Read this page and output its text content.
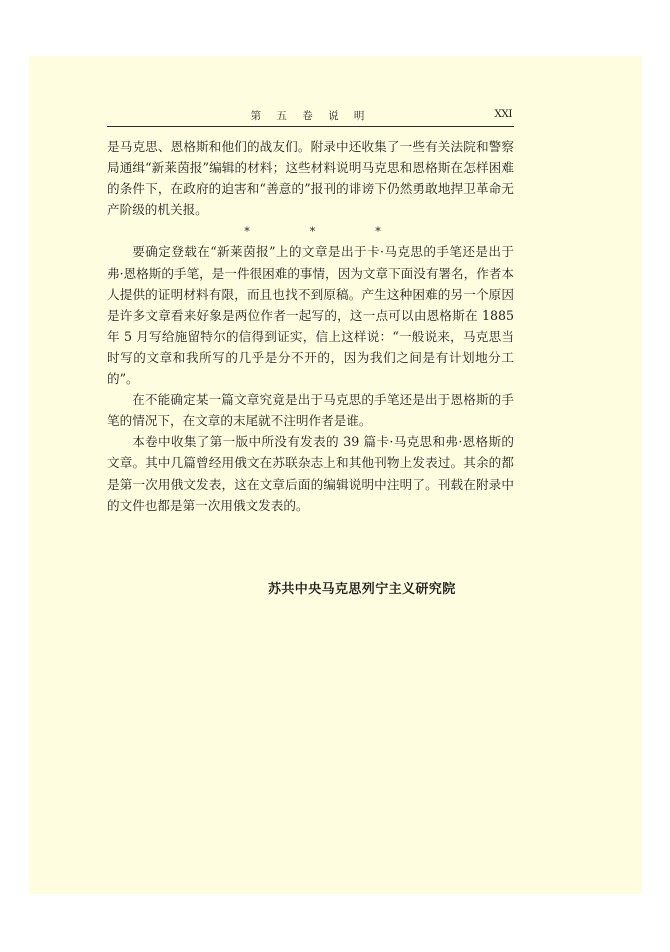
第 五 卷 说 明	XXI

是马克思、恩格斯和他们的战友们。附录中还收集了一些有关法院和警察局通缉“新莱茵报”编辑的材料；这些材料说明马克思和恩格斯在怎样困难的条件下，在政府的迫害和“善意的”报刊的诽谤下仍然勇敢地捍卫革命无产阶级的机关报。

*	*	*

要确定登载在“新莱茵报”上的文章是出于卡·马克思的手笔还是出于弗·恩格斯的手笔，是一件很困难的事情，因为文章下面没有署名，作者本人提供的证明材料有限，而且也找不到原稿。产生这种困难的另一个原因是许多文章看来好象是两位作者一起写的，这一点可以由恩格斯在 1885 年 5 月写给施留特尔的信得到证实，信上这样说：“一般说来，马克思当时写的文章和我所写的几乎是分不开的，因为我们之间是有计划地分工的”。

在不能确定某一篇文章究竟是出于马克思的手笔还是出于恩格斯的手笔的情况下，在文章的末尾就不注明作者是谁。

本卷中收集了第一版中所没有发表的 39 篇卡·马克思和弗·恩格斯的文章。其中几篇曾经用俄文在苏联杂志上和其他刊物上发表过。其余的都是第一次用俄文发表，这在文章后面的编辑说明中注明了。刊载在附录中的文件也都是第一次用俄文发表的。

苏共中央马克思列宁主义研究院
